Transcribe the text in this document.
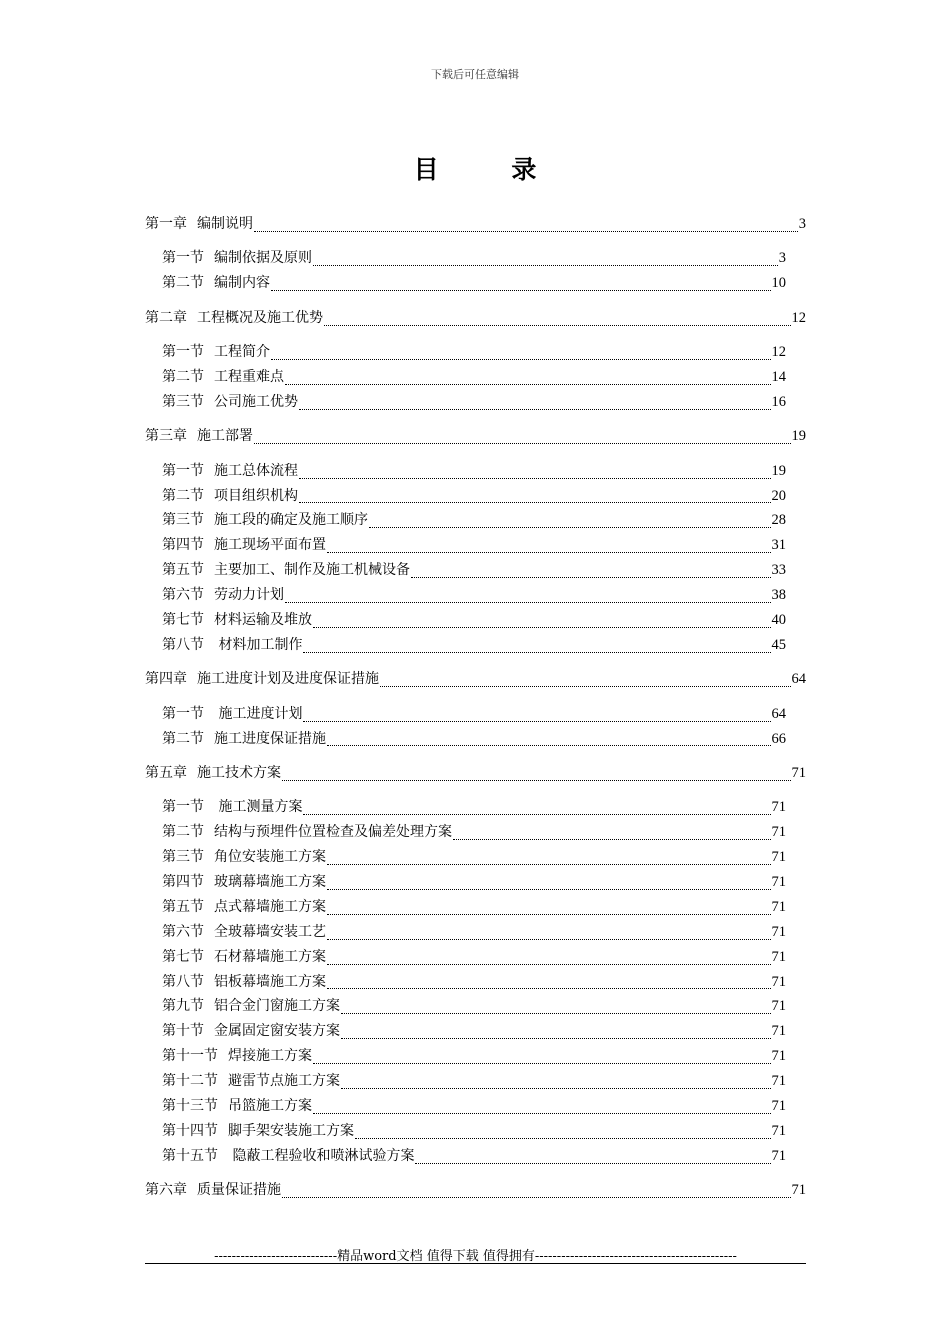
下载后可任意编辑
目 录
第一章 编制说明	3
第一节 编制依据及原则	3
第二节 编制内容	10
第二章 工程概况及施工优势	12
第一节 工程简介	12
第二节 工程重难点	14
第三节 公司施工优势	16
第三章 施工部署	19
第一节 施工总体流程	19
第二节 项目组织机构	20
第三节 施工段的确定及施工顺序	28
第四节 施工现场平面布置	31
第五节 主要加工、制作及施工机械设备	33
第六节 劳动力计划	38
第七节 材料运输及堆放	40
第八节 材料加工制作	45
第四章 施工进度计划及进度保证措施	64
第一节 施工进度计划	64
第二节 施工进度保证措施	66
第五章 施工技术方案	71
第一节 施工测量方案	71
第二节 结构与预埋件位置检查及偏差处理方案	71
第三节 角位安装施工方案	71
第四节 玻璃幕墙施工方案	71
第五节 点式幕墙施工方案	71
第六节 全玻幕墙安装工艺	71
第七节 石材幕墙施工方案	71
第八节 铝板幕墙施工方案	71
第九节 铝合金门窗施工方案	71
第十节 金属固定窗安装方案	71
第十一节 焊接施工方案	71
第十二节 避雷节点施工方案	71
第十三节 吊篮施工方案	71
第十四节 脚手架安装施工方案	71
第十五节 隐蔽工程验收和喷淋试验方案	71
第六章 质量保证措施	71
----------------------------精品word文档 值得下载 值得拥有----------------------------------------------
